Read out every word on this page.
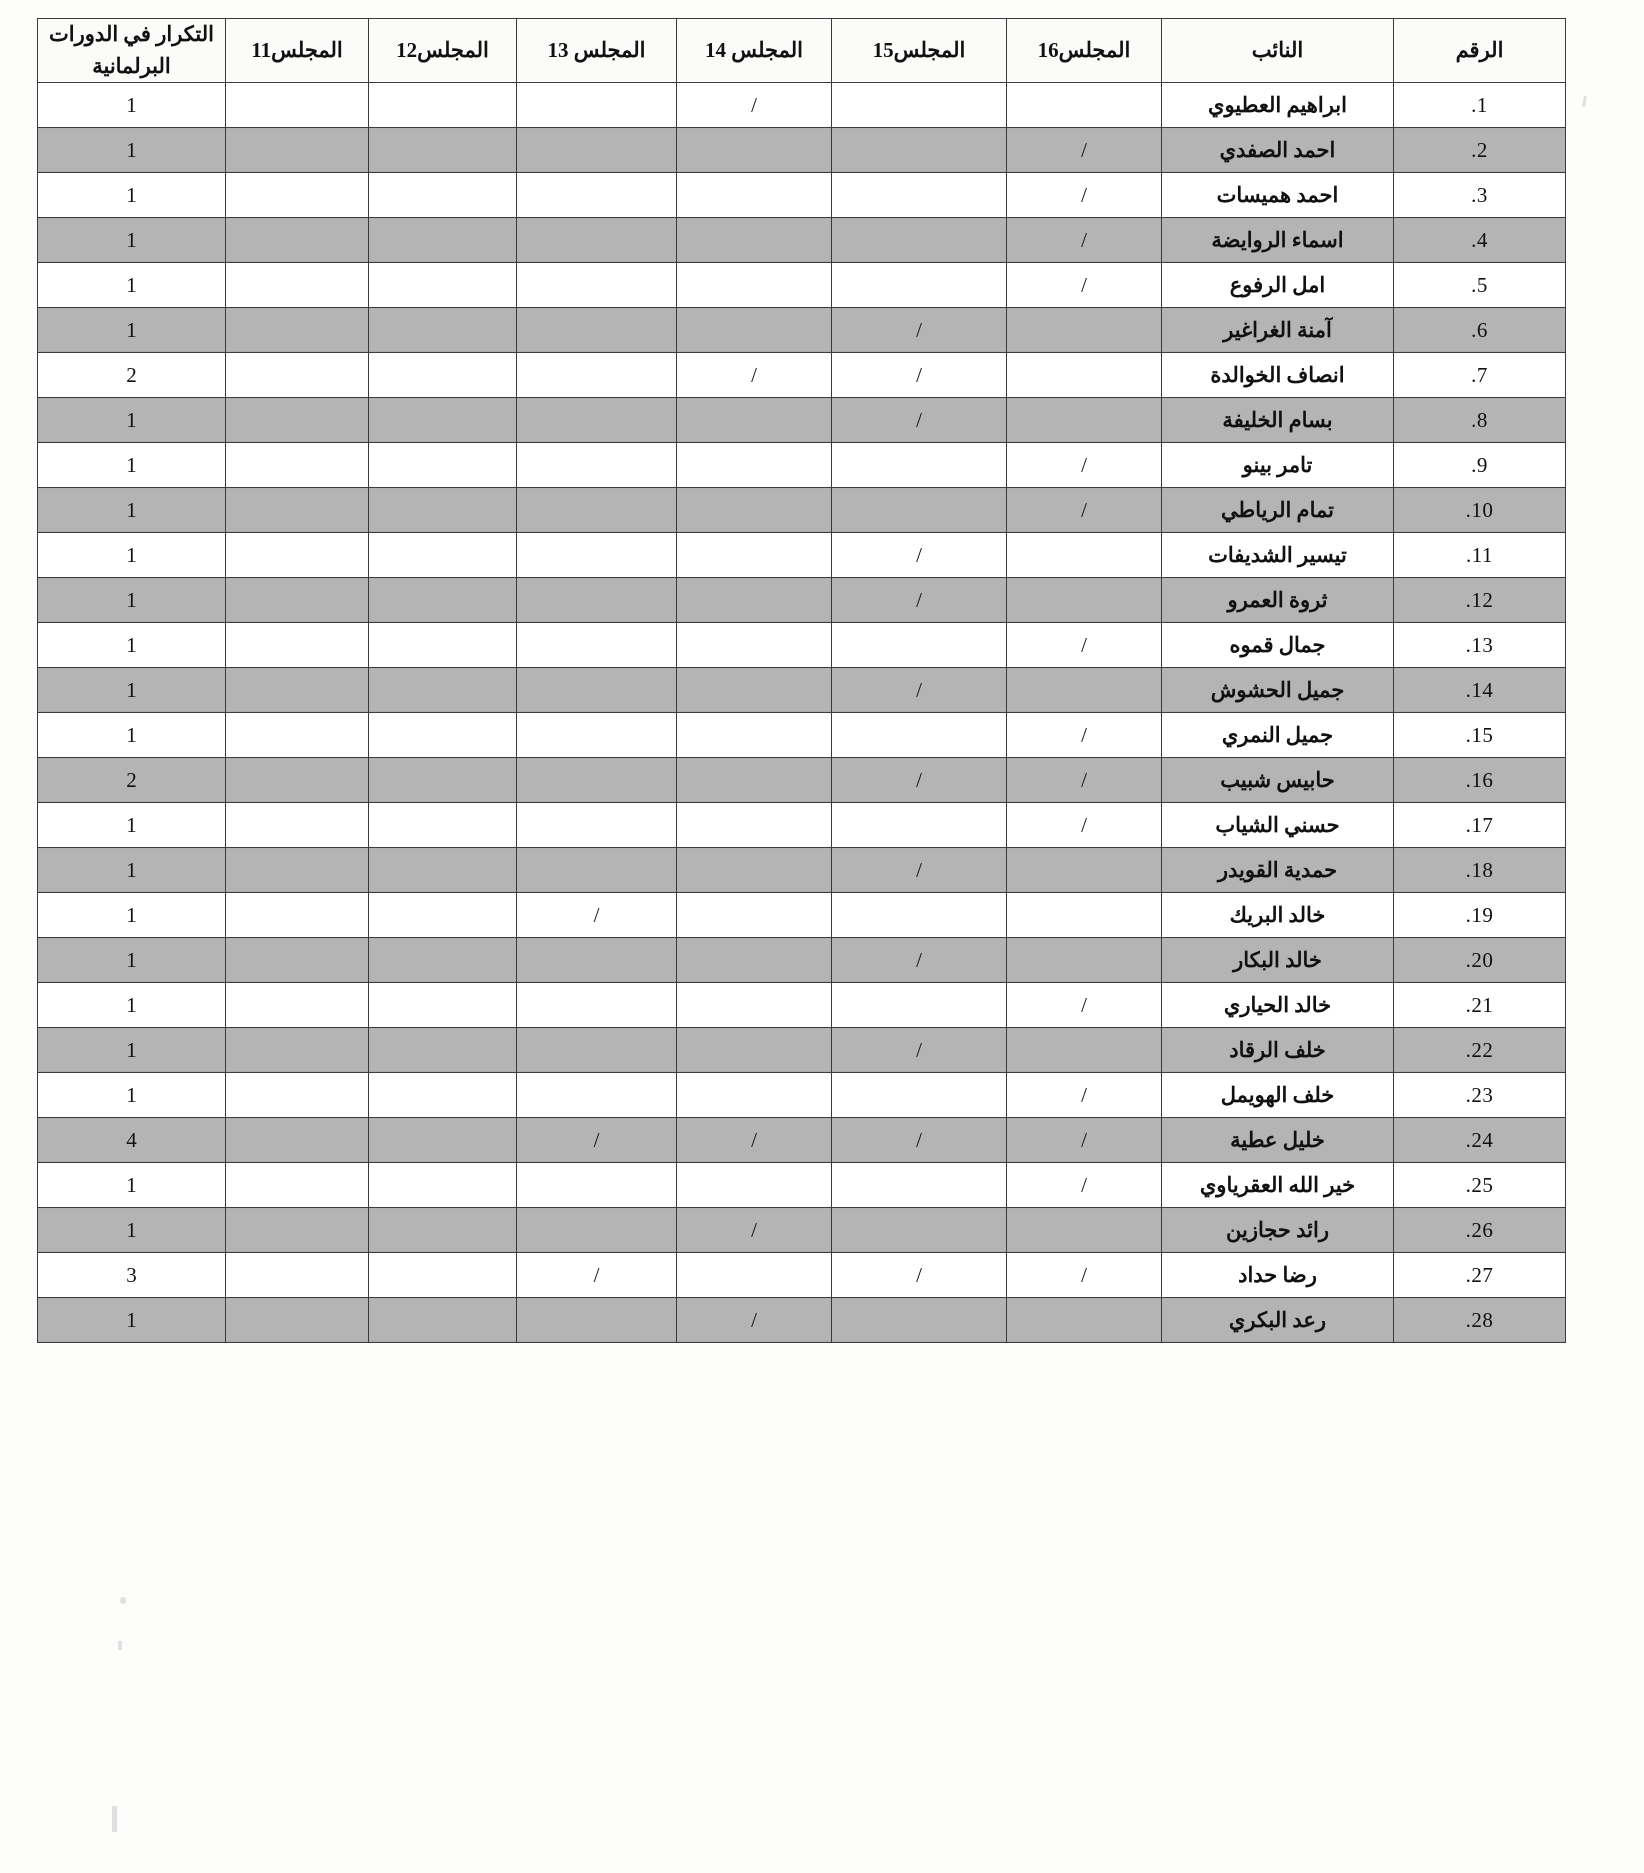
الرقم	النائب	المجلس16	المجلس15	المجلس 14	المجلس 13	المجلس12	المجلس11	التكرار في الدورات البرلمانية
1.	ابراهيم العطيوي			/				1
2.	احمد الصفدي	/						1
3.	احمد هميسات	/						1
4.	اسماء الروايضة	/						1
5.	امل الرفوع	/						1
6.	آمنة الغراغير		/					1
7.	انصاف الخوالدة		/	/				2
8.	بسام الخليفة		/					1
9.	تامر بينو	/						1
10.	تمام الرياطي	/						1
11.	تيسير الشديفات		/					1
12.	ثروة العمرو		/					1
13.	جمال قموه	/						1
14.	جميل الحشوش		/					1
15.	جميل النمري	/						1
16.	حابيس شبيب	/	/					2
17.	حسني الشياب	/						1
18.	حمدية القويدر		/					1
19.	خالد البريك				/			1
20.	خالد البكار		/					1
21.	خالد الحياري	/						1
22.	خلف الرقاد		/					1
23.	خلف الهويمل	/						1
24.	خليل عطية	/	/	/	/			4
25.	خير الله العقرياوي	/						1
26.	رائد حجازين			/				1
27.	رضا حداد	/	/		/			3
28.	رعد البكري			/				1
